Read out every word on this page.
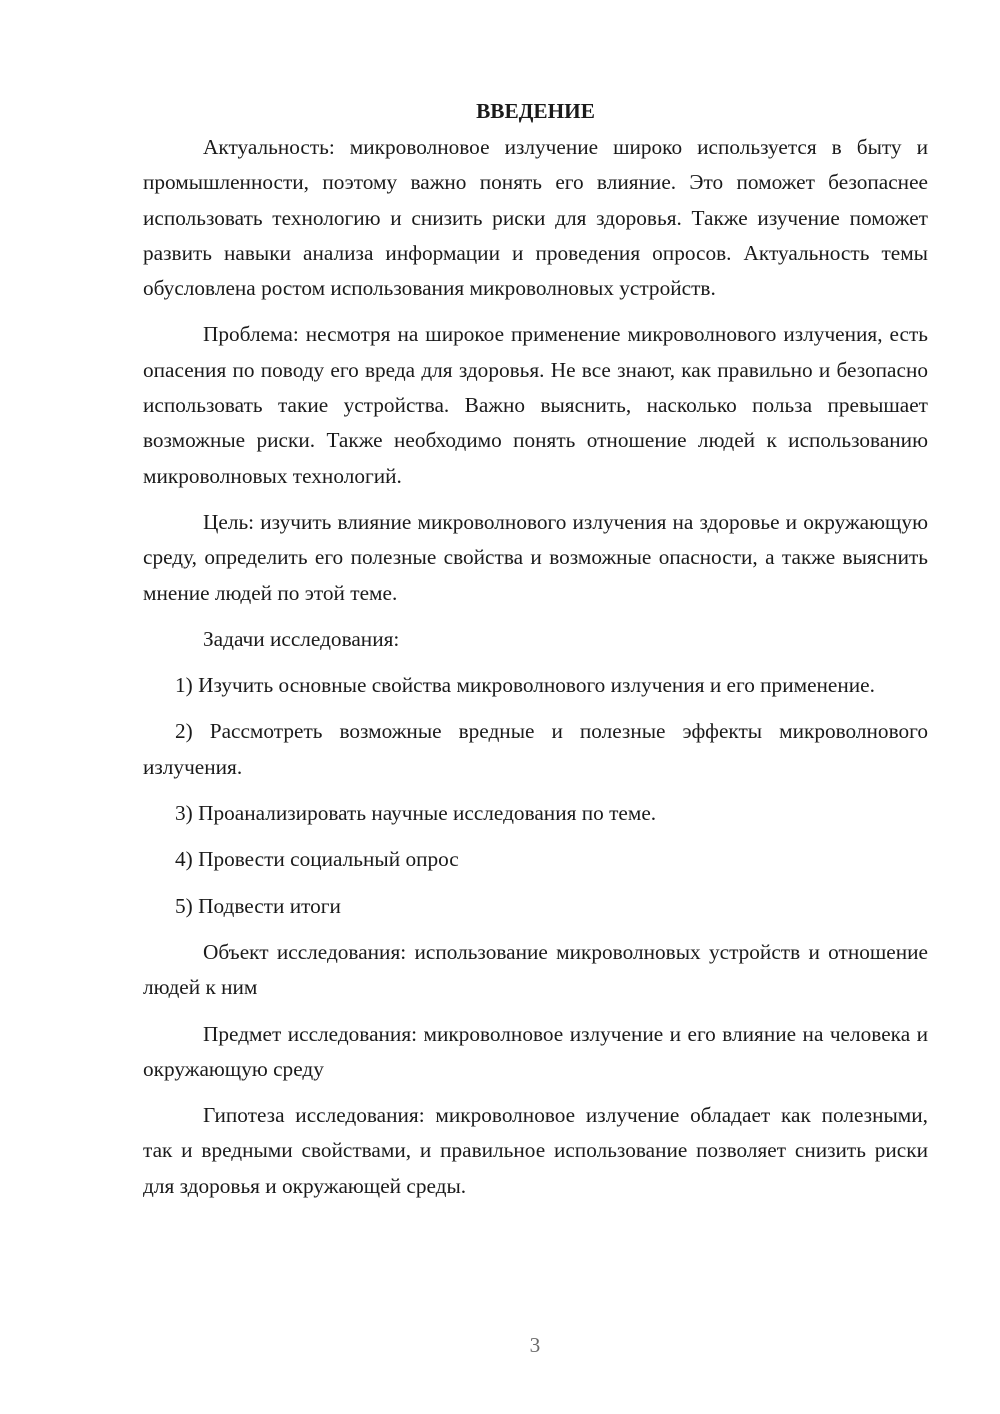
ВВЕДЕНИЕ

Актуальность: микроволновое излучение широко используется в быту и промышленности, поэтому важно понять его влияние. Это поможет безопаснее использовать технологию и снизить риски для здоровья. Также изучение поможет развить навыки анализа информации и проведения опросов. Актуальность темы обусловлена ростом использования микроволновых устройств.

Проблема: несмотря на широкое применение микроволнового излучения, есть опасения по поводу его вреда для здоровья. Не все знают, как правильно и безопасно использовать такие устройства. Важно выяснить, насколько польза превышает возможные риски. Также необходимо понять отношение людей к использованию микроволновых технологий.

Цель: изучить влияние микроволнового излучения на здоровье и окружающую среду, определить его полезные свойства и возможные опасности, а также выяснить мнение людей по этой теме.

Задачи исследования:

1) Изучить основные свойства микроволнового излучения и его применение.

2) Рассмотреть возможные вредные и полезные эффекты микроволнового излучения.

3) Проанализировать научные исследования по теме.

4) Провести социальный опрос

5) Подвести итоги

Объект исследования: использование микроволновых устройств и отношение людей к ним

Предмет исследования: микроволновое излучение и его влияние на человека и окружающую среду

Гипотеза исследования: микроволновое излучение обладает как полезными, так и вредными свойствами, и правильное использование позволяет снизить риски для здоровья и окружающей среды.

3
